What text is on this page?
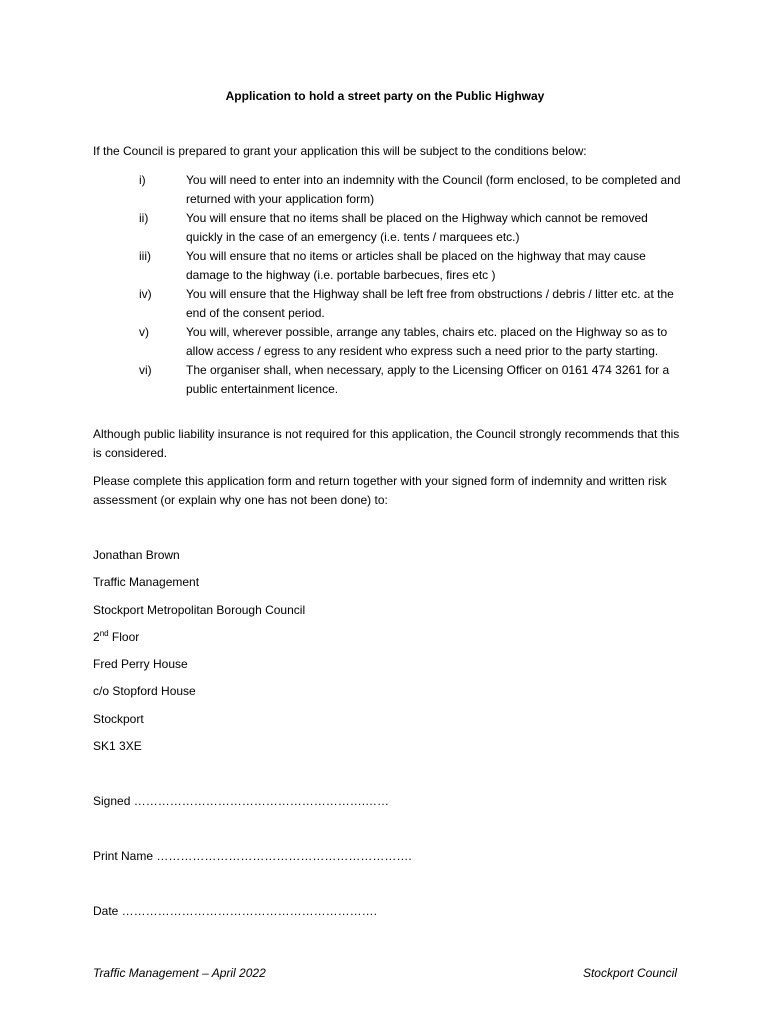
Application to hold a street party on the Public Highway
If the Council is prepared to grant your application this will be subject to the conditions below:
i)	You will need to enter into an indemnity with the Council (form enclosed, to be completed and returned with your application form)
ii)	You will ensure that no items shall be placed on the Highway which cannot be removed quickly in the case of an emergency (i.e. tents / marquees etc.)
iii)	You will ensure that no items or articles shall be placed on the highway that may cause damage to the highway (i.e. portable barbecues, fires etc )
iv)	You will ensure that the Highway shall be left free from obstructions / debris / litter etc. at the end of the consent period.
v)	You will, wherever possible, arrange any tables, chairs etc. placed on the Highway so as to allow access / egress to any resident who express such a need prior to the party starting.
vi)	The organiser shall, when necessary, apply to the Licensing Officer on 0161 474 3261 for a public entertainment licence.
Although public liability insurance is not required for this application, the Council strongly recommends that this is considered.
Please complete this application form and return together with your signed form of indemnity and written risk assessment (or explain why one has not been done) to:
Jonathan Brown
Traffic Management
Stockport Metropolitan Borough Council
2nd Floor
Fred Perry House
c/o Stopford House
Stockport
SK1 3XE
Signed ………………………………………………….……
Print Name ……………………………………………………….
Date ……………………………………………………….
Traffic Management – April 2022	Stockport Council
